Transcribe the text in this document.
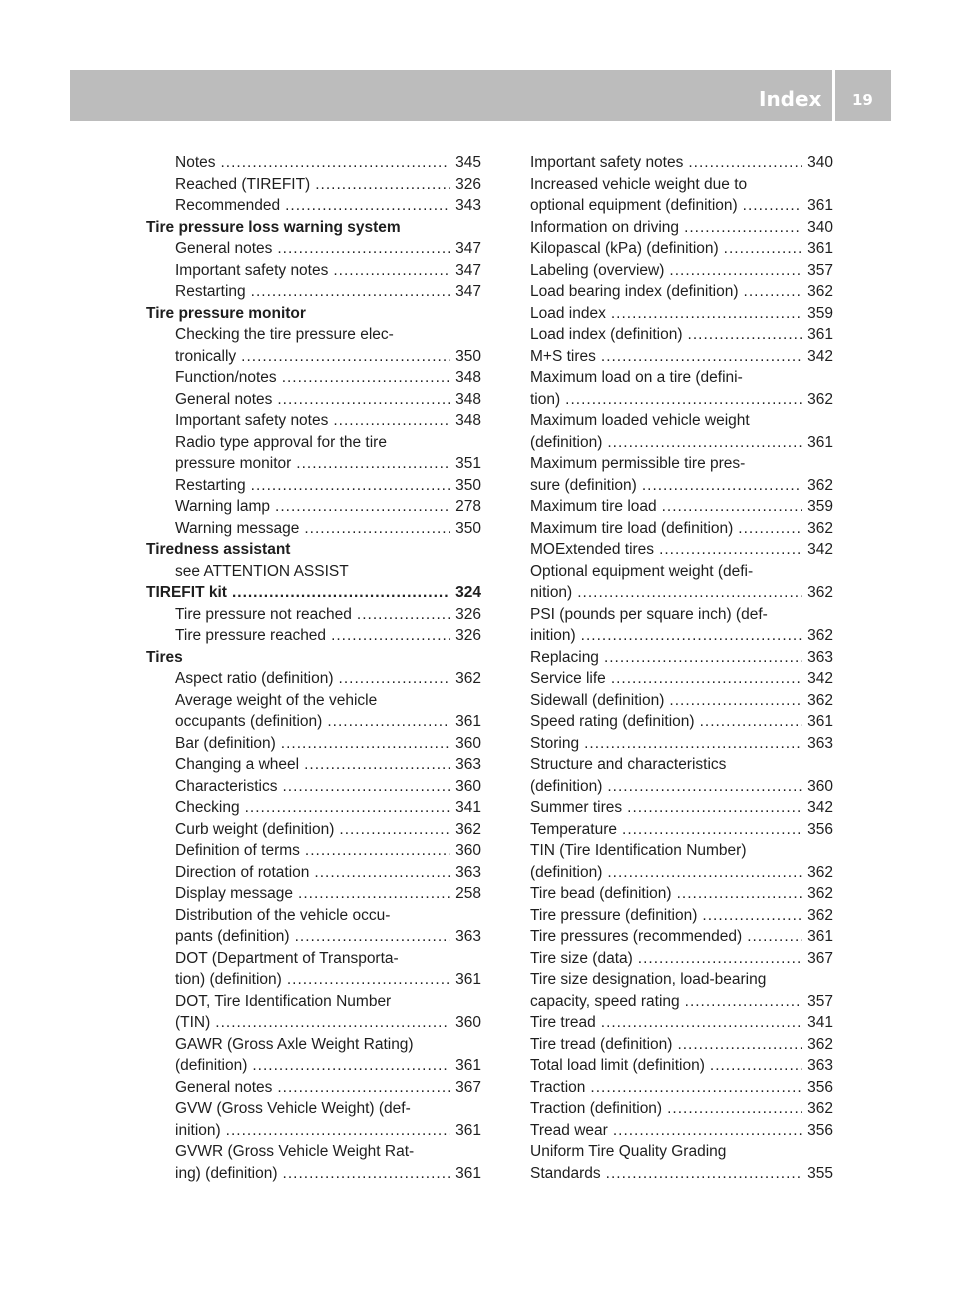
Index 19
Notes .....	345
Reached (TIREFIT) .....	326
Recommended .....	343
Tire pressure loss warning system
General notes .....	347
Important safety notes .....	347
Restarting .....	347
Tire pressure monitor
Checking the tire pressure elec-
tronically .....	350
Function/notes .....	348
General notes .....	348
Important safety notes .....	348
Radio type approval for the tire
pressure monitor .....	351
Restarting .....	350
Warning lamp .....	278
Warning message .....	350
Tiredness assistant
see ATTENTION ASSIST
TIREFIT kit .....	324
Tire pressure not reached .....	326
Tire pressure reached .....	326
Tires
Aspect ratio (definition) .....	362
Average weight of the vehicle
occupants (definition) .....	361
Bar (definition) .....	360
Changing a wheel .....	363
Characteristics .....	360
Checking .....	341
Curb weight (definition) .....	362
Definition of terms .....	360
Direction of rotation .....	363
Display message .....	258
Distribution of the vehicle occu-
pants (definition) .....	363
DOT (Department of Transporta-
tion) (definition) .....	361
DOT, Tire Identification Number
(TIN) .....	360
GAWR (Gross Axle Weight Rating)
(definition) .....	361
General notes .....	367
GVW (Gross Vehicle Weight) (def-
inition) .....	361
GVWR (Gross Vehicle Weight Rat-
ing) (definition) .....	361
Important safety notes .....	340
Increased vehicle weight due to
optional equipment (definition) .....	361
Information on driving .....	340
Kilopascal (kPa) (definition) .....	361
Labeling (overview) .....	357
Load bearing index (definition) .....	362
Load index .....	359
Load index (definition) .....	361
M+S tires .....	342
Maximum load on a tire (defini-
tion) .....	362
Maximum loaded vehicle weight
(definition) .....	361
Maximum permissible tire pres-
sure (definition) .....	362
Maximum tire load .....	359
Maximum tire load (definition) .....	362
MOExtended tires .....	342
Optional equipment weight (defi-
nition) .....	362
PSI (pounds per square inch) (def-
inition) .....	362
Replacing .....	363
Service life .....	342
Sidewall (definition) .....	362
Speed rating (definition) .....	361
Storing .....	363
Structure and characteristics
(definition) .....	360
Summer tires .....	342
Temperature .....	356
TIN (Tire Identification Number)
(definition) .....	362
Tire bead (definition) .....	362
Tire pressure (definition) .....	362
Tire pressures (recommended) .....	361
Tire size (data) .....	367
Tire size designation, load-bearing
capacity, speed rating .....	357
Tire tread .....	341
Tire tread (definition) .....	362
Total load limit (definition) .....	363
Traction .....	356
Traction (definition) .....	362
Tread wear .....	356
Uniform Tire Quality Grading
Standards .....	355
